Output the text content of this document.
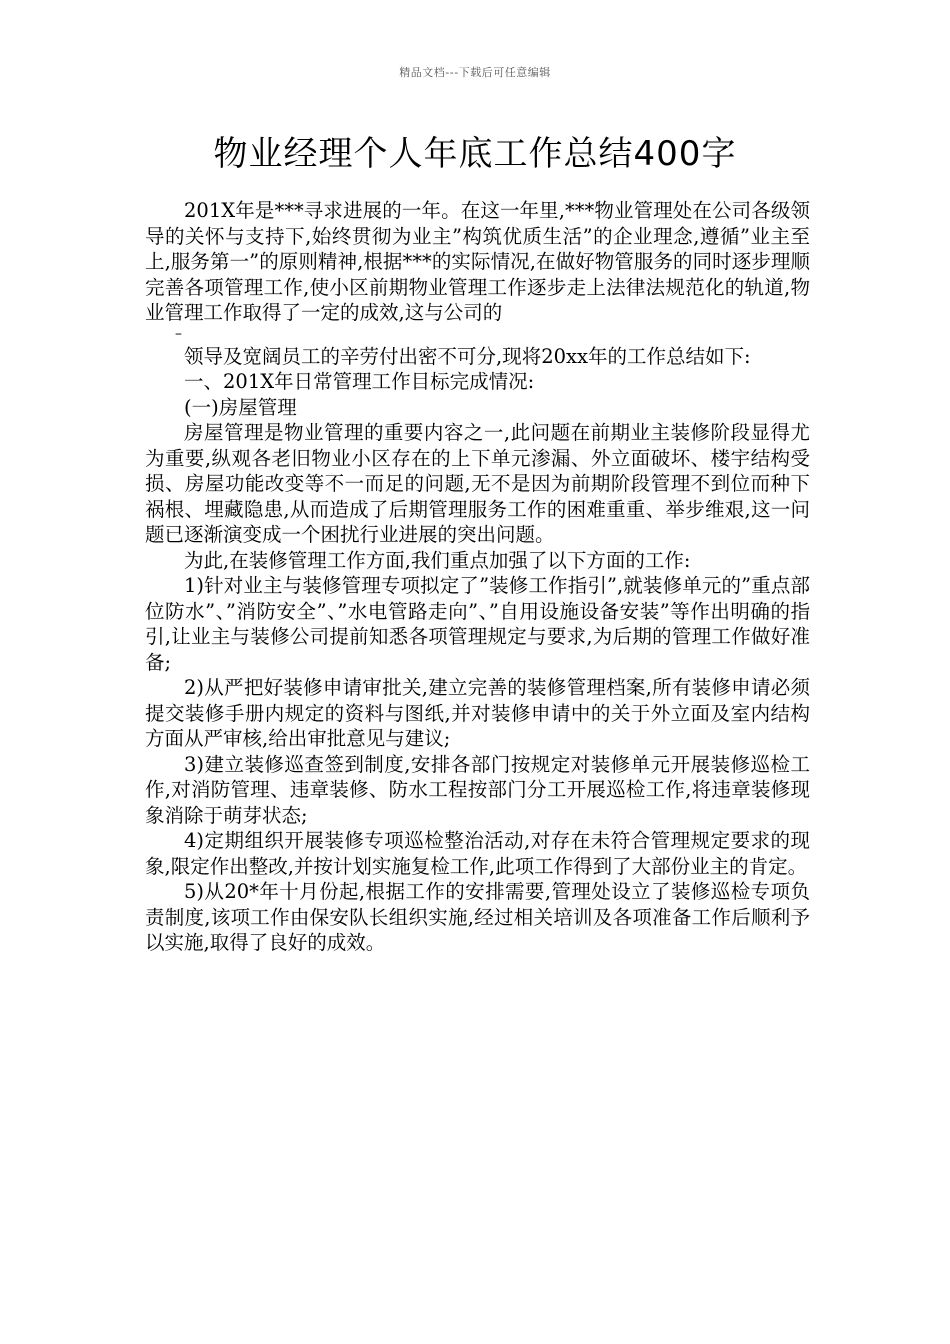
精品文档---下载后可任意编辑
物业经理个人年底工作总结400字

201X年是***寻求进展的一年。在这一年里,***物业管理处在公司各级领导的关怀与支持下,始终贯彻为业主”构筑优质生活”的企业理念,遵循”业主至上,服务第一”的原则精神,根据***的实际情况,在做好物管服务的同时逐步理顺完善各项管理工作,使小区前期物业管理工作逐步走上法律法规范化的轨道,物业管理工作取得了一定的成效,这与公司的

–

领导及宽阔员工的辛劳付出密不可分,现将20xx年的工作总结如下:

一、201X年日常管理工作目标完成情况:

(一)房屋管理

房屋管理是物业管理的重要内容之一,此问题在前期业主装修阶段显得尤为重要,纵观各老旧物业小区存在的上下单元渗漏、外立面破坏、楼宇结构受损、房屋功能改变等不一而足的问题,无不是因为前期阶段管理不到位而种下祸根、埋藏隐患,从而造成了后期管理服务工作的困难重重、举步维艰,这一问题已逐渐演变成一个困扰行业进展的突出问题。

为此,在装修管理工作方面,我们重点加强了以下方面的工作:

1)针对业主与装修管理专项拟定了”装修工作指引”,就装修单元的”重点部位防水”、”消防安全”、”水电管路走向”、”自用设施设备安装”等作出明确的指引,让业主与装修公司提前知悉各项管理规定与要求,为后期的管理工作做好准备;

2)从严把好装修申请审批关,建立完善的装修管理档案,所有装修申请必须提交装修手册内规定的资料与图纸,并对装修申请中的关于外立面及室内结构方面从严审核,给出审批意见与建议;

3)建立装修巡查签到制度,安排各部门按规定对装修单元开展装修巡检工作,对消防管理、违章装修、防水工程按部门分工开展巡检工作,将违章装修现象消除于萌芽状态;

4)定期组织开展装修专项巡检整治活动,对存在未符合管理规定要求的现象,限定作出整改,并按计划实施复检工作,此项工作得到了大部份业主的肯定。

5)从20*年十月份起,根据工作的安排需要,管理处设立了装修巡检专项负责制度,该项工作由保安队长组织实施,经过相关培训及各项准备工作后顺利予以实施,取得了良好的成效。
